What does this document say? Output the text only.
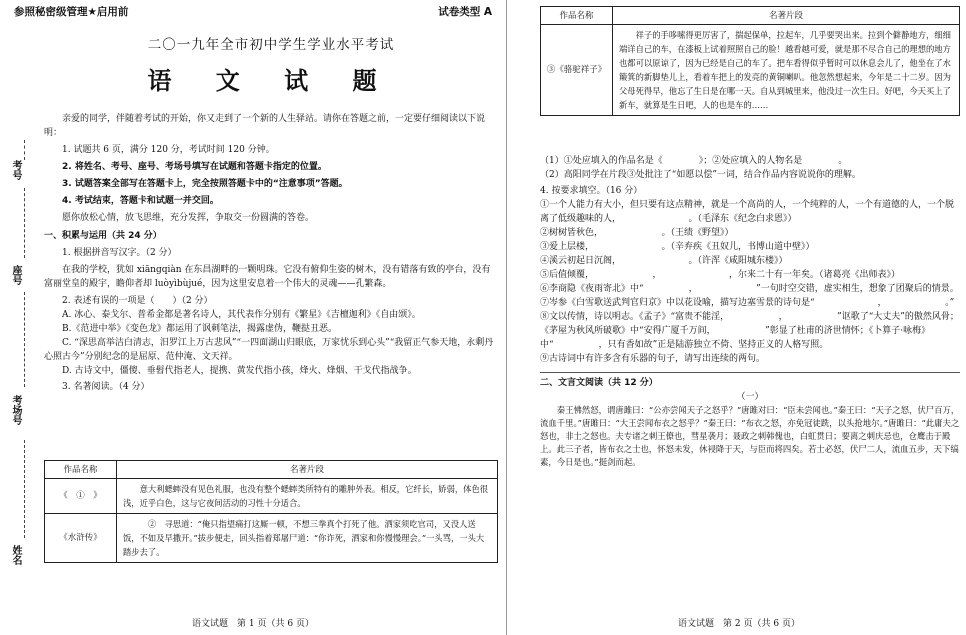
考号
座号
考场号
姓名
参照秘密级管理★启用前	试卷类型 A
二〇一九年全市初中学生学业水平考试
语 文 试 题

亲爱的同学，伴随着考试的开始，你又走到了一个新的人生驿站。请你在答题之前，一定要仔细阅读以下说明：

1. 试题共 6 页，满分 120 分，考试时间 120 分钟。

2. 将姓名、考号、座号、考场号填写在试题和答题卡指定的位置。

3. 试题答案全部写在答题卡上，完全按照答题卡中的“注意事项”答题。

4. 考试结束，答题卡和试题一并交回。

愿你放松心情，放飞思维，充分发挥，争取交一份圆满的答卷。

一、积累与运用（共 24 分）

1. 根据拼音写汉字。（2 分）

在我的学校，犹如 xiāngqiàn 在东昌湖畔的一颗明珠。它没有俯仰生姿的树木，没有错落有致的亭台，没有富丽堂皇的殿宇，瞻仰者却 luòyìbùjué，因为这里安息着一个伟大的灵魂——孔繁森。

2. 表述有误的一项是（　　）（2 分）

A. 冰心、泰戈尔、普希金都是著名诗人，其代表作分别有《繁星》《吉檀迦利》《自由颂》。

B.《范进中举》《变色龙》都运用了讽刺笔法，揭露虚伪，鞭挞丑恶。

C. “深思高举洁白清志，汨罗江上万古悲风”“一四面湖山归眼底，万家忧乐到心头”“我留正气参天地，永剩丹心照古今”分别纪念的是屈原、范仲淹、文天祥。

D. 古诗文中，僵傻、垂髫代指老人，提携、黄发代指小孩，烽火、烽烟、干戈代指战争。

3. 名著阅读。（4 分）

作品名称	名著片段
《　①　》	意大利蟋蟀没有见色礼服，也没有整个蟋蟀类所特有的雕肿外表。相反，它纤长，娇弱，体色很浅，近乎白色，这与它夜间活动的习性十分适合。
《水浒传》	　②　寻思道：“俺只指望痛打这厮一顿，不想三拳真个打死了他。洒家须吃官司，又没人送饭，不如及早撒开。”拔步便走，回头指着郑屠尸道：“你诈死，洒家和你慢慢理会。”一头骂，一头大踏步去了。
语文试题　第 1 页（共 6 页）
作品名称	名著片段
③《骆驼祥子》	祥子的手哆嗦得更厉害了，揣起保单，拉起车，几乎要哭出来。拉到个僻静地方，细细端详自己的车，在漆板上试着照照自己的脸！越看越可爱，就是那不尽合自己的理想的地方也都可以原谅了，因为已经是自己的车了。把车看得似乎暂时可以休息会儿了，他坐在了水簸箕的新脚垫儿上，看着车把上的发亮的黄铜喇叭。他忽然想起来，今年是二十二岁。因为父母死得早，他忘了生日是在哪一天。自从到城里来，他没过一次生日。好吧，今天买上了新车，就算是生日吧，人的也是车的……

（1）①处应填入的作品名是《　　　　》；②处应填入的人物名是　　　　。

（2）高阳同学在片段③处批注了“如愿以偿”一词，结合作品内容说说你的理解。

4. 按要求填空。（16 分）

①一个人能力有大小，但只要有这点精神，就是一个高尚的人，一个纯粹的人，一个有道德的人，一个脱离了低级趣味的人，　　　　　　　　。（毛泽东《纪念白求恩》）

②树树皆秋色，　　　　　　　。（王绩《野望》）

③爱上层楼，　　　　　　　　。（辛弃疾《丑奴儿，书博山道中壁》）

④溪云初起日沉阁，　　　　　　　　。（许浑《咸阳城东楼》）

⑤后值倾覆，　　　　　　　，　　　　　　　　，尔来二十有一年矣。（诸葛亮《出师表》）

⑥李商隐《夜雨寄北》中“　　　　　，　　　　　　　”一句时空交错，虚实相生，想象了团聚后的情景。

⑦岑参《白雪歌送武判官归京》中以花设喻，描写边塞雪景的诗句是“　　　　　　　，　　　　　　　。”

⑧文以传情，诗以明志。《孟子》“富贵不能淫，　　　　　　，　　　　　　”讴歌了“大丈夫”的傲然风骨；《茅屋为秋风所破歌》中“安得广厦千万间，　　　　　　”彰显了杜甫的济世情怀；《卜算子·咏梅》中“　　　　　，只有香如故”正是陆游独立不倚、坚持正义的人格写照。

⑨古诗词中有许多含有乐器的句子，请写出连续的两句。

二、文言文阅读（共 12 分）

（一）

秦王怫然怒，谓唐雎曰：“公亦尝闻天子之怒乎？”唐雎对曰：“臣未尝闻也。”秦王曰：“天子之怒，伏尸百万，流血千里。”唐雎曰：“大王尝闻布衣之怒乎？”秦王曰：“布衣之怒，亦免冠徒跣，以头抢地尔。”唐雎曰：“此庸夫之怒也，非士之怒也。夫专诸之刺王僚也，彗星袭月；聂政之刺韩傀也，白虹贯日；要离之刺庆忌也，仓鹰击于殿上。此三子者，皆布衣之士也，怀怒未发，休祲降于天，与臣而将四矣。若士必怒，伏尸二人，流血五步，天下缟素，今日是也。”挺剑而起。

语文试题　第 2 页（共 6 页）
